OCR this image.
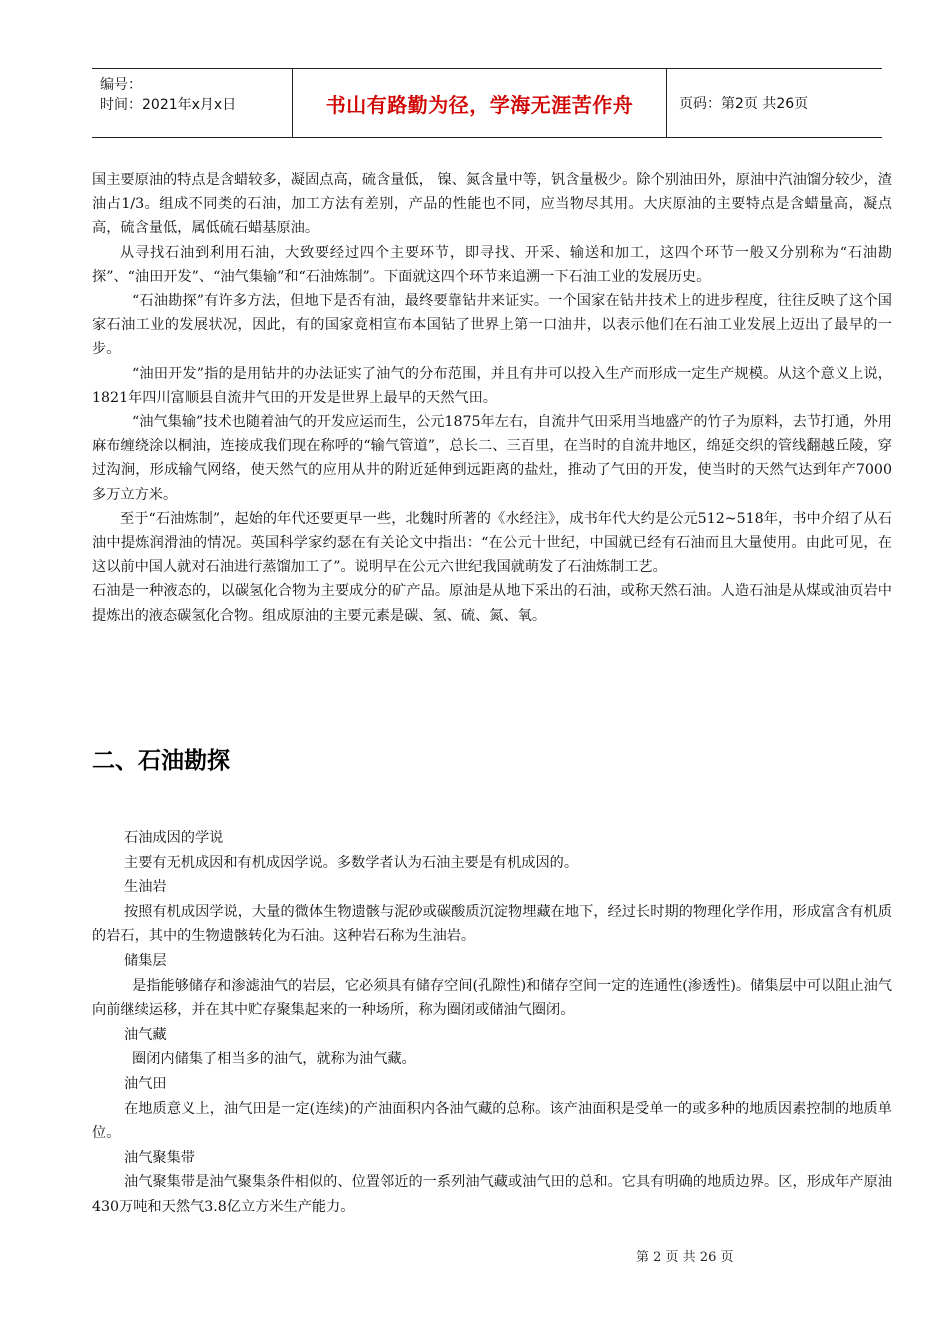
编号：
时间：2021年x月x日	书山有路勤为径，学海无涯苦作舟	页码：第2页 共26页

国主要原油的特点是含蜡较多，凝固点高，硫含量低， 镍、氮含量中等，钒含量极少。除个别油田外，原油中汽油馏分较少，渣油占1/3。组成不同类的石油，加工方法有差别，产品的性能也不同，应当物尽其用。大庆原油的主要特点是含蜡量高，凝点高，硫含量低，属低硫石蜡基原油。

从寻找石油到利用石油，大致要经过四个主要环节，即寻找、开采、输送和加工，这四个环节一般又分别称为“石油勘探”、“油田开发”、“油气集输”和“石油炼制”。下面就这四个环节来追溯一下石油工业的发展历史。

“石油勘探”有许多方法，但地下是否有油，最终要靠钻井来证实。一个国家在钻井技术上的进步程度，往往反映了这个国家石油工业的发展状况，因此，有的国家竟相宣布本国钻了世界上第一口油井，以表示他们在石油工业发展上迈出了最早的一步。

“油田开发”指的是用钻井的办法证实了油气的分布范围，并且有井可以投入生产而形成一定生产规模。从这个意义上说，1821年四川富顺县自流井气田的开发是世界上最早的天然气田。

“油气集输”技术也随着油气的开发应运而生，公元1875年左右，自流井气田采用当地盛产的竹子为原料，去节打通，外用麻布缠绕涂以桐油，连接成我们现在称呼的“输气管道”，总长二、三百里，在当时的自流井地区，绵延交织的管线翻越丘陵，穿过沟涧，形成输气网络，使天然气的应用从井的附近延伸到远距离的盐灶，推动了气田的开发，使当时的天然气达到年产7000多万立方米。

至于“石油炼制”，起始的年代还要更早一些，北魏时所著的《水经注》，成书年代大约是公元512~518年，书中介绍了从石油中提炼润滑油的情况。英国科学家约瑟在有关论文中指出：“在公元十世纪，中国就已经有石油而且大量使用。由此可见，在这以前中国人就对石油进行蒸馏加工了”。说明早在公元六世纪我国就萌发了石油炼制工艺。

石油是一种液态的，以碳氢化合物为主要成分的矿产品。原油是从地下采出的石油，或称天然石油。人造石油是从煤或油页岩中提炼出的液态碳氢化合物。组成原油的主要元素是碳、氢、硫、氮、氧。

二、石油勘探

石油成因的学说

主要有无机成因和有机成因学说。多数学者认为石油主要是有机成因的。

生油岩

按照有机成因学说，大量的微体生物遗骸与泥砂或碳酸质沉淀物埋藏在地下，经过长时期的物理化学作用，形成富含有机质的岩石，其中的生物遗骸转化为石油。这种岩石称为生油岩。

储集层

是指能够储存和渗滤油气的岩层，它必须具有储存空间(孔隙性)和储存空间一定的连通性(渗透性)。储集层中可以阻止油气向前继续运移，并在其中贮存聚集起来的一种场所，称为圈闭或储油气圈闭。

油气藏

圈闭内储集了相当多的油气，就称为油气藏。

油气田

在地质意义上，油气田是一定(连续)的产油面积内各油气藏的总称。该产油面积是受单一的或多种的地质因素控制的地质单位。

油气聚集带

油气聚集带是油气聚集条件相似的、位置邻近的一系列油气藏或油气田的总和。它具有明确的地质边界。区，形成年产原油430万吨和天然气3.8亿立方米生产能力。

第 2 页 共 26 页
